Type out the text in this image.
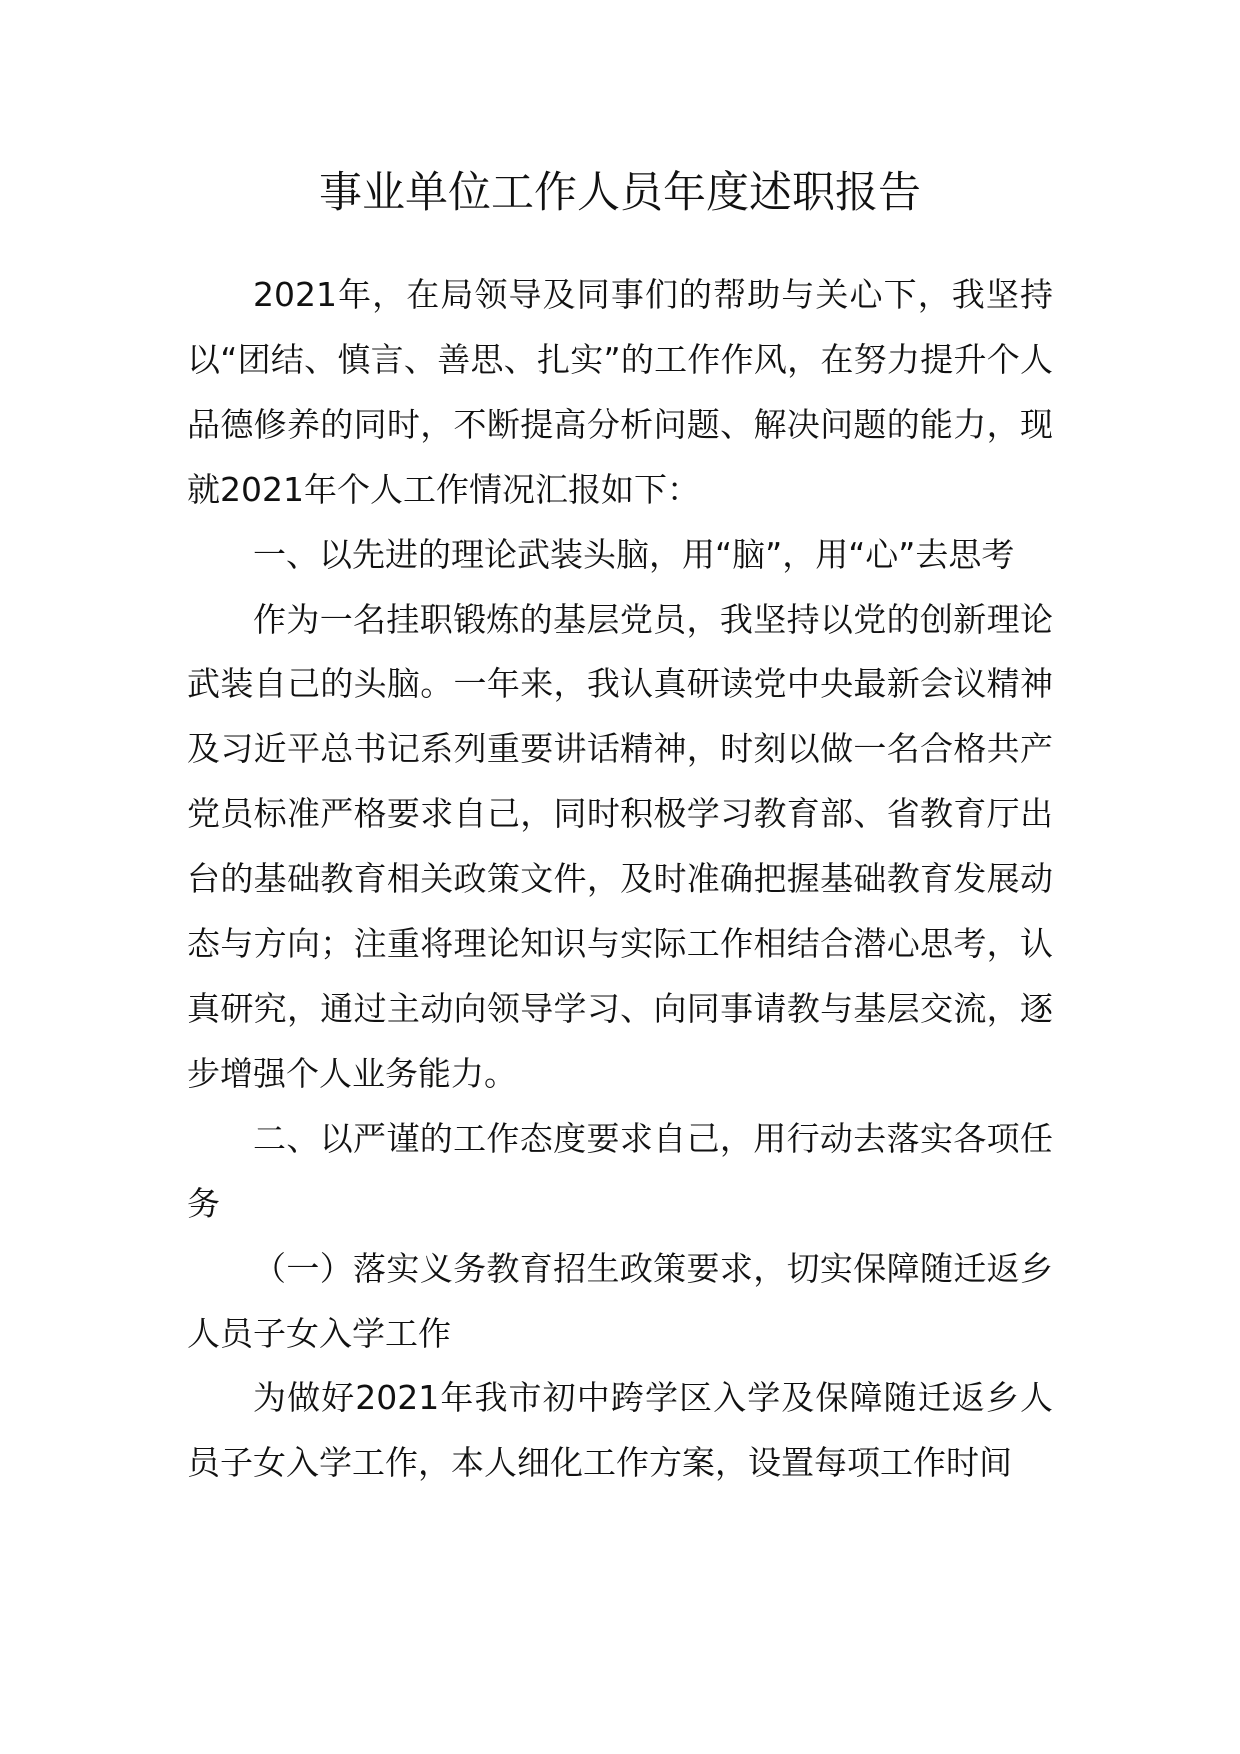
事业单位工作人员年度述职报告

2021年，在局领导及同事们的帮助与关心下，我坚持以“团结、慎言、善思、扎实”的工作作风，在努力提升个人品德修养的同时，不断提高分析问题、解决问题的能力，现就2021年个人工作情况汇报如下：

一、以先进的理论武装头脑，用“脑”，用“心”去思考

作为一名挂职锻炼的基层党员，我坚持以党的创新理论武装自己的头脑。一年来，我认真研读党中央最新会议精神及习近平总书记系列重要讲话精神，时刻以做一名合格共产党员标准严格要求自己，同时积极学习教育部、省教育厅出台的基础教育相关政策文件，及时准确把握基础教育发展动态与方向；注重将理论知识与实际工作相结合潜心思考，认真研究，通过主动向领导学习、向同事请教与基层交流，逐步增强个人业务能力。

二、以严谨的工作态度要求自己，用行动去落实各项任务

（一）落实义务教育招生政策要求，切实保障随迁返乡人员子女入学工作

为做好2021年我市初中跨学区入学及保障随迁返乡人员子女入学工作，本人细化工作方案，设置每项工作时间
